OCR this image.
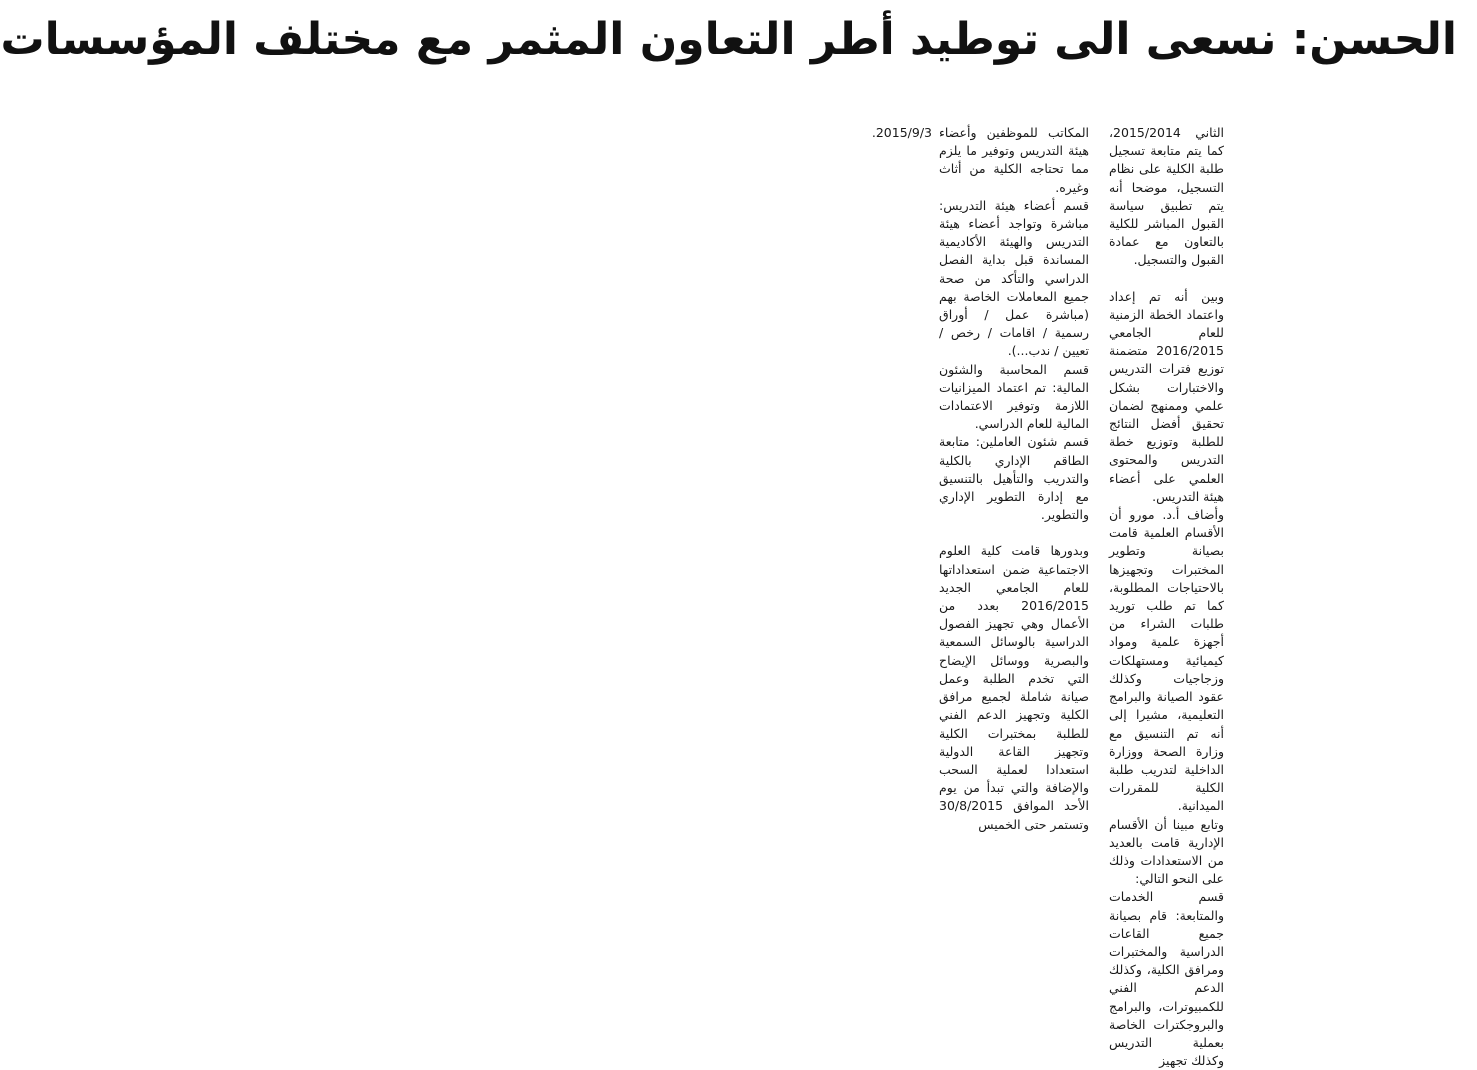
الحسن: نسعى الى توطيد أطر التعاون المثمر مع مختلف المؤسسات

الثاني 2015/2014، كما يتم متابعة تسجيل طلبة الكلية على نظام التسجيل، موضحا أنه يتم تطبيق سياسة القبول المباشر للكلية بالتعاون مع عمادة القبول والتسجيل.

وبين أنه تم إعداد واعتماد الخطة الزمنية للعام الجامعي 2016/2015 متضمنة توزيع فترات التدريس والاختبارات بشكل علمي وممنهج لضمان تحقيق أفضل النتائج للطلبة وتوزيع خطة التدريس والمحتوى العلمي على أعضاء هيئة التدريس.

وأضاف أ.د. مورو أن الأقسام العلمية قامت بصيانة وتطوير المختبرات وتجهيزها بالاحتياجات المطلوبة، كما تم طلب توريد طلبات الشراء من أجهزة علمية ومواد كيميائية ومستهلكات وزجاجيات وكذلك عقود الصيانة والبرامج التعليمية، مشيرا إلى أنه تم التنسيق مع وزارة الصحة ووزارة الداخلية لتدريب طلبة الكلية للمقررات الميدانية.

وتابع مبينا أن الأقسام الإدارية قامت بالعديد من الاستعدادات وذلك على النحو التالي:

قسم الخدمات والمتابعة: قام بصيانة جميع القاعات الدراسية والمختبرات ومرافق الكلية، وكذلك الدعم الفني للكمبيوترات، والبرامج والبروجكترات الخاصة بعملية التدريس وكذلك تجهيز

المكاتب للموظفين وأعضاء هيئة التدريس وتوفير ما يلزم مما تحتاجه الكلية من أثاث وغيره.

قسم أعضاء هيئة التدريس: مباشرة وتواجد أعضاء هيئة التدريس والهيئة الأكاديمية المساندة قبل بداية الفصل الدراسي والتأكد من صحة جميع المعاملات الخاصة بهم (مباشرة عمل / أوراق رسمية / اقامات / رخص / تعيين / ندب...).

قسم المحاسبة والشئون المالية: تم اعتماد الميزانيات اللازمة وتوفير الاعتمادات المالية للعام الدراسي.

قسم شئون العاملين: متابعة الطاقم الإداري بالكلية والتدريب والتأهيل بالتنسيق مع إدارة التطوير الإداري والتطوير.

وبدورها قامت كلية العلوم الاجتماعية ضمن استعداداتها للعام الجامعي الجديد 2016/2015 بعدد من الأعمال وهي تجهيز الفصول الدراسية بالوسائل السمعية والبصرية ووسائل الإيضاح التي تخدم الطلبة وعمل صيانة شاملة لجميع مرافق الكلية وتجهيز الدعم الفني للطلبة بمختبرات الكلية وتجهيز القاعة الدولية استعدادا لعملية السحب والإضافة والتي تبدأ من يوم الأحد الموافق 30/8/2015 وتستمر حتى الخميس

2015/9/3.
